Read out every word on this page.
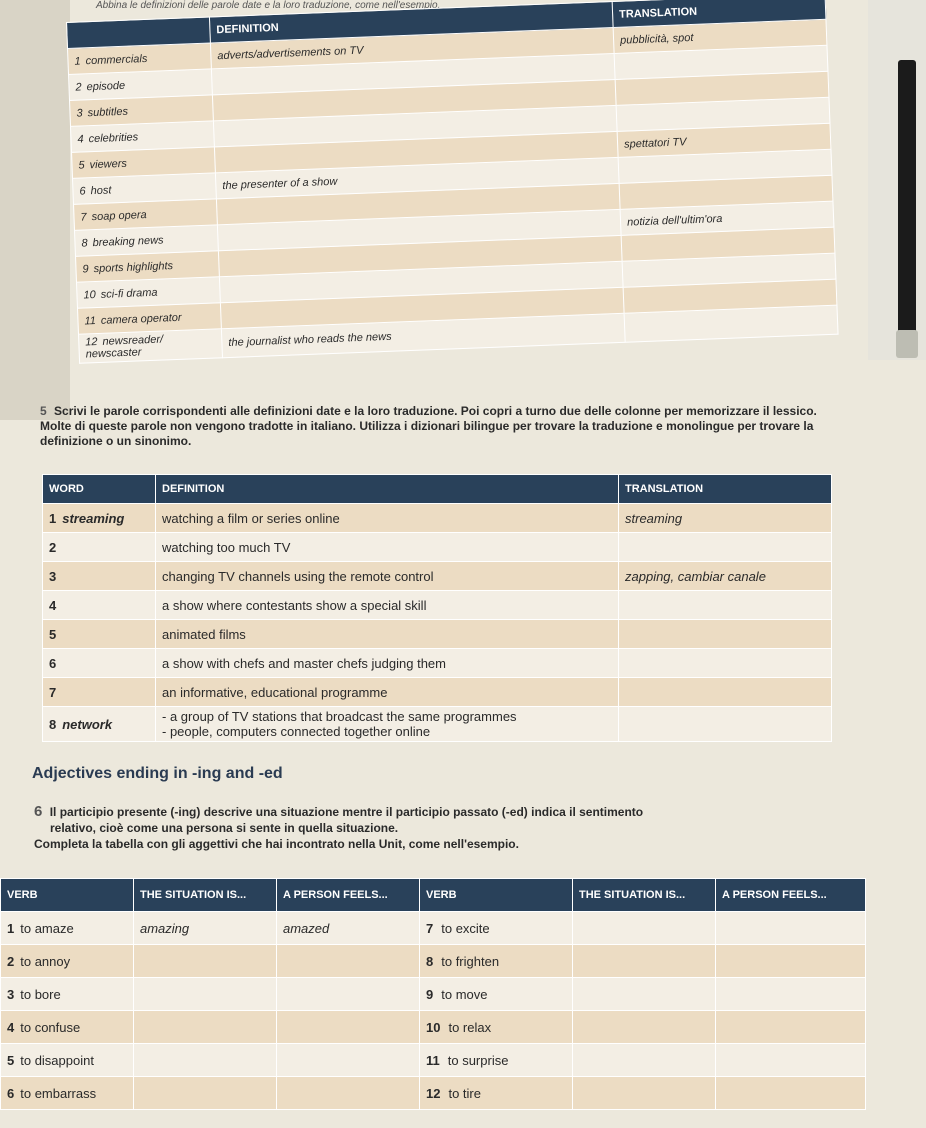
Abbina le definizioni delle parole date e la loro traduzione, come nell'esempio.
	DEFINITION	TRANSLATION
1 commercials	adverts/advertisements on TV	pubblicità, spot
2 episode		
3 subtitles		
4 celebrities		
5 viewers		spettatori TV
6 host	the presenter of a show	
7 soap opera		
8 breaking news		notizia dell'ultim'ora
9 sports highlights		
10 sci-fi drama		
11 camera operator		
12 newsreader/ newscaster	the journalist who reads the news	
5 Scrivi le parole corrispondenti alle definizioni date e la loro traduzione. Poi copri a turno due delle colonne per memorizzare il lessico. Molte di queste parole non vengono tradotte in italiano. Utilizza i dizionari bilingue per trovare la traduzione e monolingue per trovare la definizione o un sinonimo.
WORD	DEFINITION	TRANSLATION
1 streaming	watching a film or series online	streaming
2	watching too much TV	

3	changing TV channels using the remote control	zapping, cambiar canale
4	a show where contestants show a special skill	

5	animated films	

6	a show with chefs and master chefs judging them	

7	an informative, educational programme	

8 network	- a group of TV stations that broadcast the same programmes
- people, computers connected together online	

Adjectives ending in -ing and -ed
6 Il participio presente (-ing) descrive una situazione mentre il participio passato (-ed) indica il sentimento
relativo, cioè come una persona si sente in quella situazione.
Completa la tabella con gli aggettivi che hai incontrato nella Unit, come nell'esempio.
VERB	THE SITUATION IS...	A PERSON FEELS...	VERB	THE SITUATION IS...	A PERSON FEELS...
1 to amaze	amazing	amazed	7 to excite		
2 to annoy			8 to frighten		
3 to bore			9 to move		
4 to confuse			10 to relax		
5 to disappoint			11 to surprise		
6 to embarrass			12 to tire		
